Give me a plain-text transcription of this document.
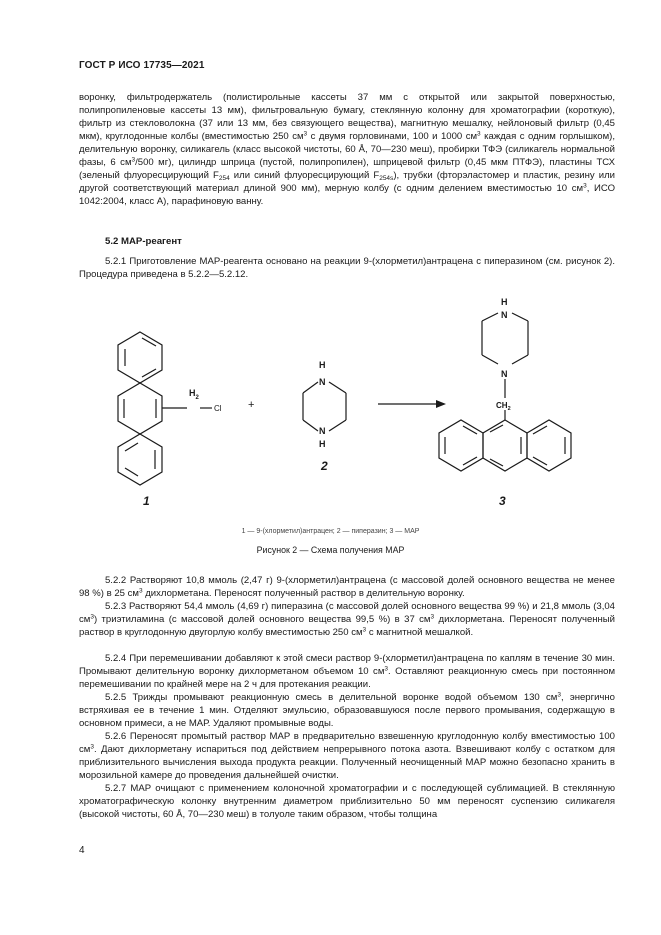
ГОСТ Р ИСО 17735—2021

воронку, фильтродержатель (полистирольные кассеты 37 мм с открытой или закрытой поверхностью, полипропиленовые кассеты 13 мм), фильтровальную бумагу, стеклянную колонну для хроматографии (короткую), фильтр из стекловолокна (37 или 13 мм, без связующего вещества), магнитную мешалку, нейлоновый фильтр (0,45 мкм), круглодонные колбы (вместимостью 250 $см^3$ с двумя горловинами, 100 и 1000 $см^3$ каждая с одним горлышком), делительную воронку, силикагель (класс высокой чистоты, 60 Å, 70—230 меш), пробирки ТФЭ (силикагель нормальной фазы, 6 $см^3/500$ мг), цилиндр шприца (пустой, полипропилен), шприцевой фильтр (0,45 мкм ПТФЭ), пластины ТСХ (зеленый флуоресцирующий $F_{254}$ или синий флуоресцирующий $F_{254s}$), трубки (фторэластомер и пластик, резину или другой соответствующий материал длиной 900 мм), мерную колбу (с одним делением вместимостью 10 $см^3$, ИСО 1042:2004, класс А), парафиновую ванну.

5.2 МАР-реагент

5.2.1 Приготовление МАР-реагента основано на реакции 9-(хлорметил)антрацена с пиперазином (см. рисунок 2). Процедура приведена в 5.2.2—5.2.12.

$H_2$
Cl +
H
N
N
H
H
N
N
$CH_2$
1
2
3
1 — 9-(хлорметил)антрацен; 2 — пиперазин; 3 — МАР
Рисунок 2 — Схема получения МАР

5.2.2 Растворяют 10,8 ммоль (2,47 г) 9-(хлорметил)антрацена (с массовой долей основного вещества не менее 98 %) в 25 $см^3$ дихлорметана. Переносят полученный раствор в делительную воронку.

5.2.3 Растворяют 54,4 ммоль (4,69 г) пиперазина (с массовой долей основного вещества 99 %) и 21,8 ммоль (3,04 $см^3$) триэтиламина (с массовой долей основного вещества 99,5 %) в 37 $см^3$ дихлорметана. Переносят полученный раствор в круглодонную двугорлую колбу вместимостью 250 $см^3$ с магнитной мешалкой.

5.2.4 При перемешивании добавляют к этой смеси раствор 9-(хлорметил)антрацена по каплям в течение 30 мин. Промывают делительную воронку дихлорметаном объемом 10 $см^3$. Оставляют реакционную смесь при постоянном перемешивании по крайней мере на 2 ч для протекания реакции.

5.2.5 Трижды промывают реакционную смесь в делительной воронке водой объемом 130 $см^3$, энергично встряхивая ее в течение 1 мин. Отделяют эмульсию, образовавшуюся после первого промывания, содержащую в основном примеси, а не МАР. Удаляют промывные воды.

5.2.6 Переносят промытый раствор МАР в предварительно взвешенную круглодонную колбу вместимостью 100 $см^3$. Дают дихлорметану испариться под действием непрерывного потока азота. Взвешивают колбу с остатком для приблизительного вычисления выхода продукта реакции. Полученный неочищенный МАР можно безопасно хранить в морозильной камере до проведения дальнейшей очистки.

5.2.7 МАР очищают с применением колоночной хроматографии и с последующей сублимацией. В стеклянную хроматографическую колонку внутренним диаметром приблизительно 50 мм переносят суспензию силикагеля (высокой чистоты, 60 Å, 70—230 меш) в толуоле таким образом, чтобы толщина

4
